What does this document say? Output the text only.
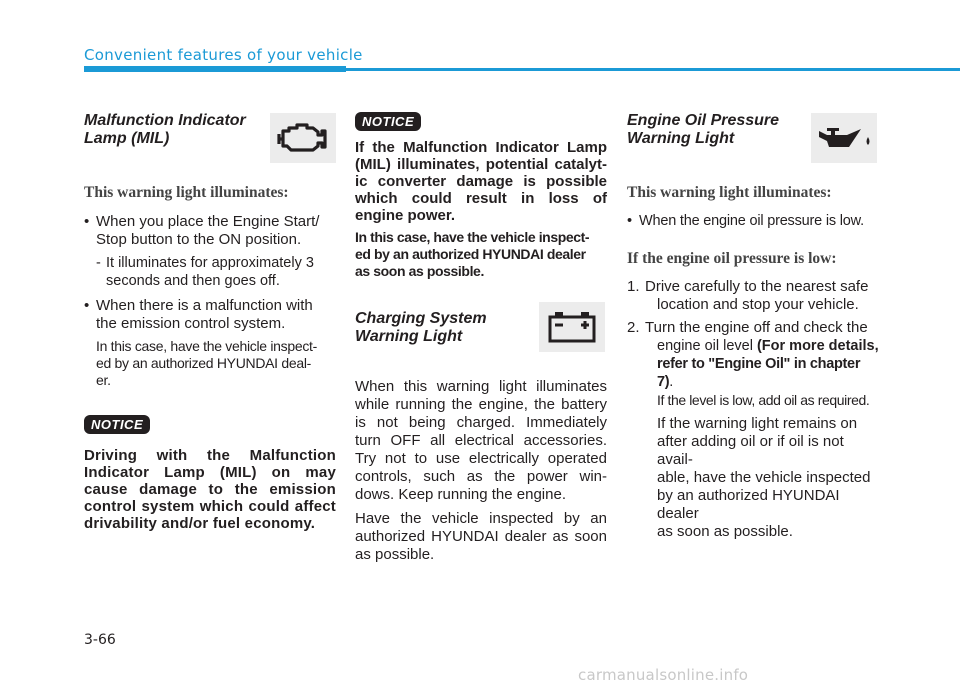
Convenient features of your vehicle
Malfunction Indicator
Lamp (MIL)
This warning light illuminates:
• When you place the Engine Start/
Stop button to the ON position.
- It illuminates for approximately 3
seconds and then goes off.
• When there is a malfunction with
the emission control system.
In this case, have the vehicle inspect-
ed by an authorized HYUNDAI deal-
er.
NOTICE
Driving with the Malfunction
Indicator Lamp (MIL) on may
cause damage to the emission
control system which could affect
drivability and/or fuel economy.
NOTICE
If the Malfunction Indicator Lamp
(MIL) illuminates, potential catalyt-
ic converter damage is possible
which could result in loss of
engine power.
In this case, have the vehicle inspect-
ed by an authorized HYUNDAI dealer
as soon as possible.
Charging System
Warning Light
When this warning light illuminates
while running the engine, the battery
is not being charged. Immediately
turn OFF all electrical accessories.
Try not to use electrically operated
controls, such as the power win-
dows. Keep running the engine.
Have the vehicle inspected by an
authorized HYUNDAI dealer as soon
as possible.
Engine Oil Pressure
Warning Light
This warning light illuminates:
• When the engine oil pressure is low.
If the engine oil pressure is low:
1. Drive carefully to the nearest safe
location and stop your vehicle.
2. Turn the engine off and check the
engine oil level (For more details,
refer to "Engine Oil" in chapter 7).
If the level is low, add oil as required.
If the warning light remains on
after adding oil or if oil is not avail-
able, have the vehicle inspected
by an authorized HYUNDAI dealer
as soon as possible.
3-66
carmanualsonline.info
